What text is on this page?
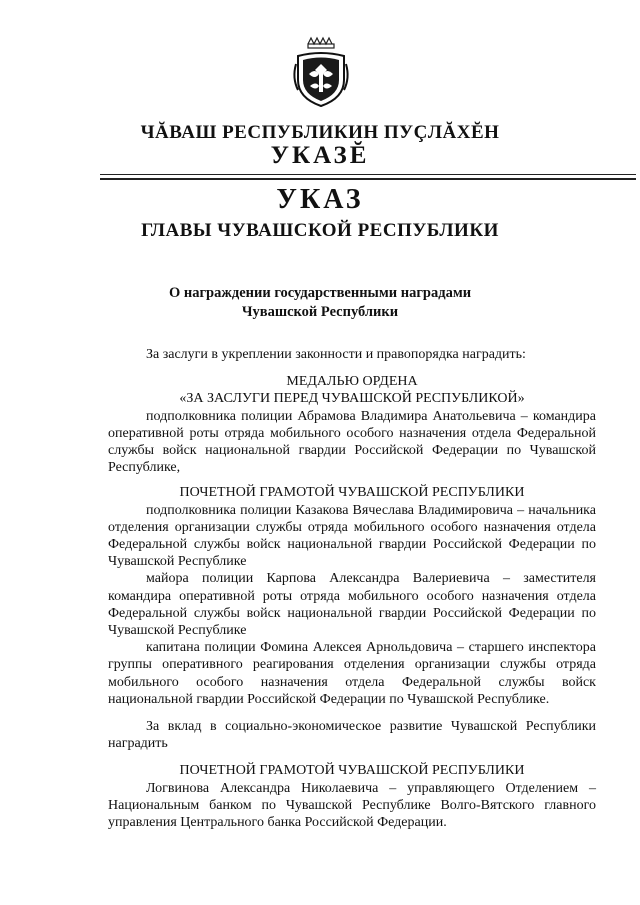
ЧĂВАШ РЕСПУБЛИКИН ПУÇЛĂХĔН
УКАЗĔ
УКАЗ
ГЛАВЫ ЧУВАШСКОЙ РЕСПУБЛИКИ
О награждении государственными наградами
Чувашской Республики

За заслуги в укреплении законности и правопорядка наградить:

МЕДАЛЬЮ ОРДЕНА

«ЗА ЗАСЛУГИ ПЕРЕД ЧУВАШСКОЙ РЕСПУБЛИКОЙ»

подполковника полиции Абрамова Владимира Анатольевича – командира оперативной роты отряда мобильного особого назначения отдела Федеральной службы войск национальной гвардии Российской Федерации по Чувашской Республике,

ПОЧЕТНОЙ ГРАМОТОЙ ЧУВАШСКОЙ РЕСПУБЛИКИ

подполковника полиции Казакова Вячеслава Владимировича – начальника отделения организации службы отряда мобильного особого назначения отдела Федеральной службы войск национальной гвардии Российской Федерации по Чувашской Республике

майора полиции Карпова Александра Валериевича – заместителя командира оперативной роты отряда мобильного особого назначения отдела Федеральной службы войск национальной гвардии Российской Федерации по Чувашской Республике

капитана полиции Фомина Алексея Арнольдовича – старшего инспектора группы оперативного реагирования отделения организации службы отряда мобильного особого назначения отдела Федеральной службы войск национальной гвардии Российской Федерации по Чувашской Республике.

За вклад в социально-экономическое развитие Чувашской Республики наградить

ПОЧЕТНОЙ ГРАМОТОЙ ЧУВАШСКОЙ РЕСПУБЛИКИ

Логвинова Александра Николаевича – управляющего Отделением – Национальным банком по Чувашской Республике Волго-Вятского главного управления Центрального банка Российской Федерации.
